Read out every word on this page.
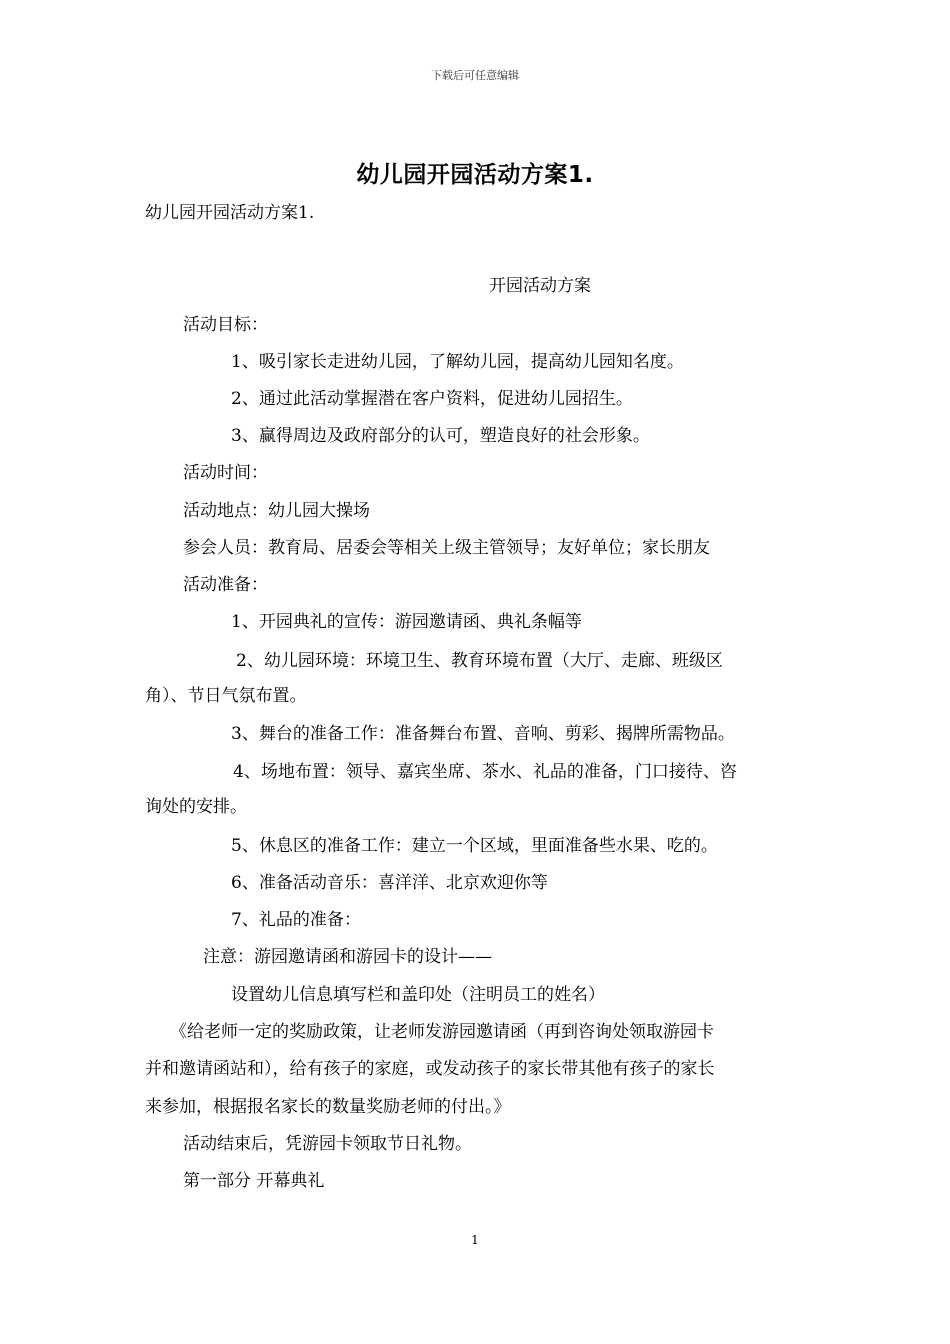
下载后可任意编辑
幼儿园开园活动方案1.
幼儿园开园活动方案1.
开园活动方案
活动目标：
1、吸引家长走进幼儿园，了解幼儿园，提高幼儿园知名度。
2、通过此活动掌握潜在客户资料，促进幼儿园招生。
3、赢得周边及政府部分的认可，塑造良好的社会形象。
活动时间：
活动地点：幼儿园大操场
参会人员：教育局、居委会等相关上级主管领导；友好单位；家长朋友
活动准备：
1、开园典礼的宣传：游园邀请函、典礼条幅等
2、幼儿园环境：环境卫生、教育环境布置（大厅、走廊、班级区
角）、节日气氛布置。
3、舞台的准备工作：准备舞台布置、音响、剪彩、揭牌所需物品。
4、场地布置：领导、嘉宾坐席、茶水、礼品的准备，门口接待、咨
询处的安排。
5、休息区的准备工作：建立一个区域，里面准备些水果、吃的。
6、准备活动音乐：喜洋洋、北京欢迎你等
7、礼品的准备：
注意：游园邀请函和游园卡的设计——
设置幼儿信息填写栏和盖印处（注明员工的姓名）
《给老师一定的奖励政策，让老师发游园邀请函（再到咨询处领取游园卡
并和邀请函站和），给有孩子的家庭，或发动孩子的家长带其他有孩子的家长
来参加，根据报名家长的数量奖励老师的付出。》
活动结束后，凭游园卡领取节日礼物。
第一部分 开幕典礼
1
